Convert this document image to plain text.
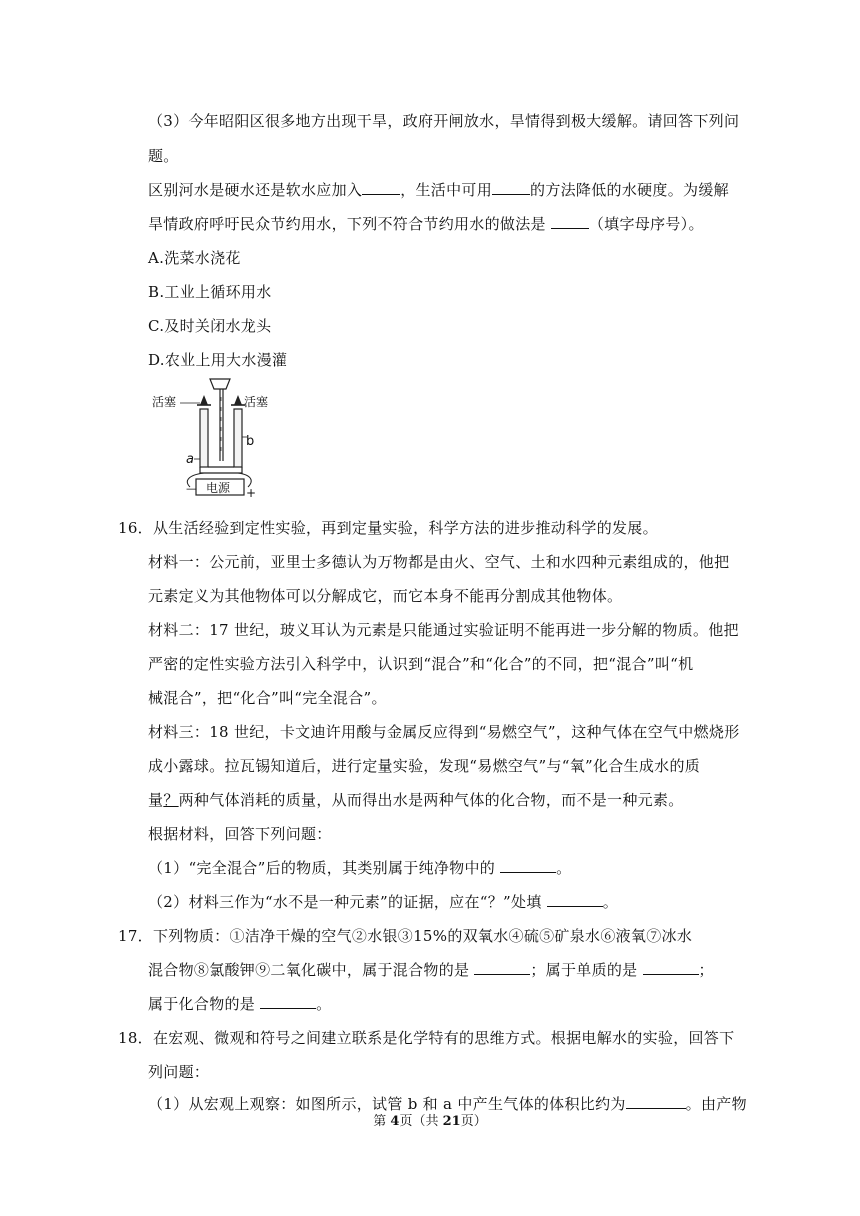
（3）今年昭阳区很多地方出现干旱，政府开闸放水，旱情得到极大缓解。请回答下列问
题。
区别河水是硬水还是软水应加入	，生活中可用	的方法降低的水硬度。为缓解
旱情政府呼吁民众节约用水，下列不符合节约用水的做法是	（填字母序号）。
A.洗菜水浇花
B.工业上循环用水
C.及时关闭水龙头
D.农业上用大水漫灌
活塞	活塞
b
a
电源
—	+
16．从生活经验到定性实验，再到定量实验，科学方法的进步推动科学的发展。
材料一：公元前，亚里士多德认为万物都是由火、空气、土和水四种元素组成的，他把
元素定义为其他物体可以分解成它，而它本身不能再分割成其他物体。
材料二：17 世纪，玻义耳认为元素是只能通过实验证明不能再进一步分解的物质。他把
严密的定性实验方法引入科学中，认识到“混合”和“化合”的不同，把“混合”叫“机
械混合”，把“化合”叫“完全混合”。
材料三：18 世纪，卡文迪许用酸与金属反应得到“易燃空气”，这种气体在空气中燃烧形
成小露球。拉瓦锡知道后，进行定量实验，发现“易燃空气”与“氧”化合生成水的质
量？两种气体消耗的质量，从而得出水是两种气体的化合物，而不是一种元素。
根据材料，回答下列问题：
（1）“完全混合”后的物质，其类别属于纯净物中的	。
（2）材料三作为“水不是一种元素”的证据，应在“？”处填	。
17．下列物质：①洁净干燥的空气②水银③15%的双氧水④硫⑤矿泉水⑥液氧⑦冰水
混合物⑧氯酸钾⑨二氧化碳中，属于混合物的是	；属于单质的是	；
属于化合物的是	。
18．在宏观、微观和符号之间建立联系是化学特有的思维方式。根据电解水的实验，回答下
列问题：
（1）从宏观上观察：如图所示，试管 b 和 a 中产生气体的体积比约为	。由产物
第 4页（共 21页）
